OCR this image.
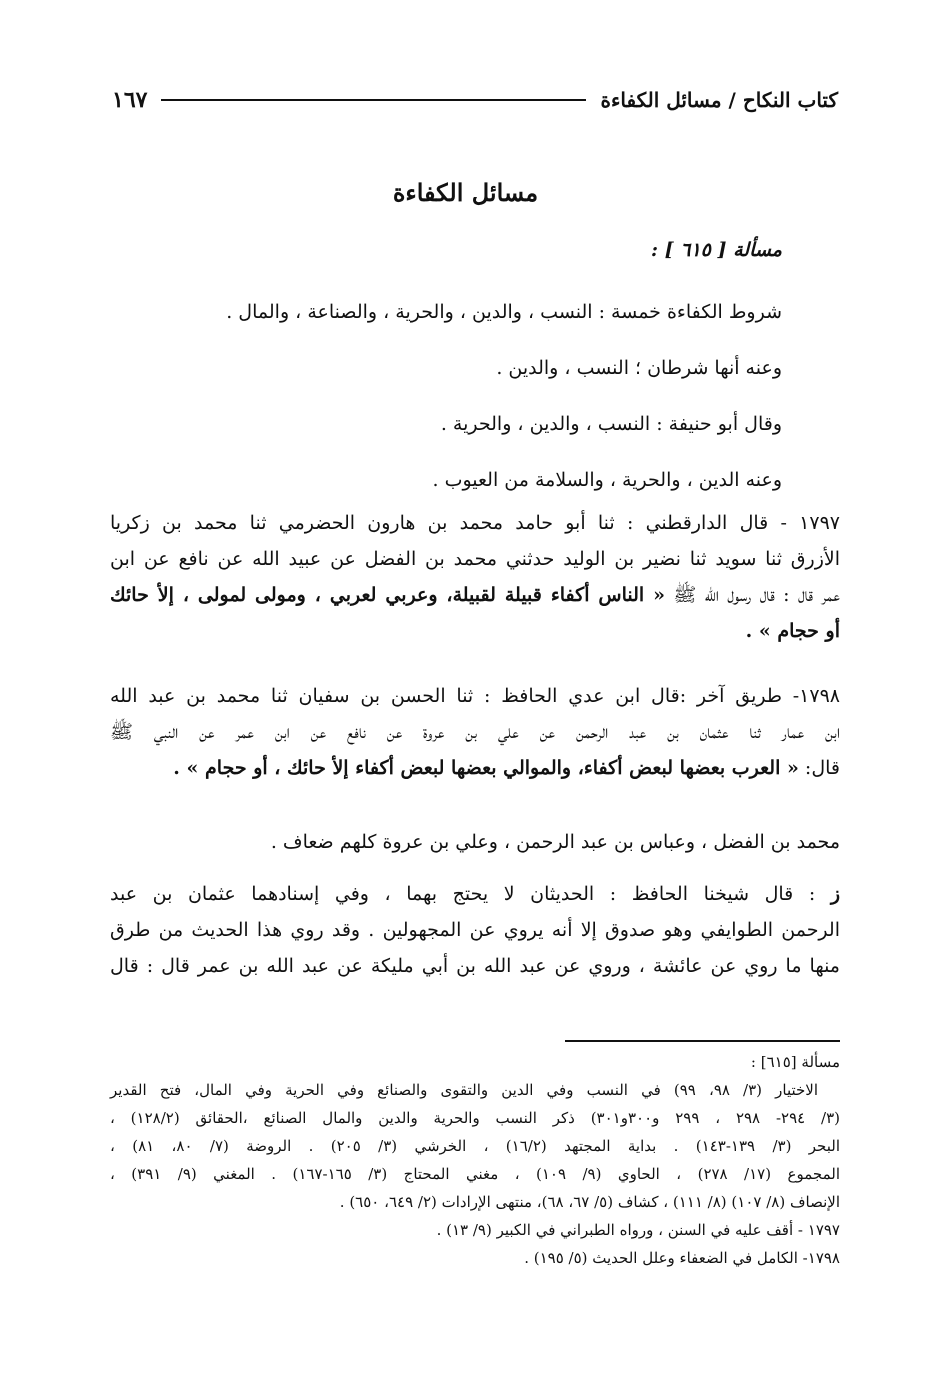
كتاب النكاح / مسائل الكفاءة
١٦٧
مسائل الكفاءة
مسألة [ ٦١٥ ] :
شروط الكفاءة خمسة : النسب ، والدين ، والحرية ، والصناعة ، والمال .
وعنه أنها شرطان ؛ النسب ، والدين .
وقال أبو حنيفة : النسب ، والدين ، والحرية .
وعنه الدين ، والحرية ، والسلامة من العيوب .
١٧٩٧ - قال الدارقطني : ثنا أبو حامد محمد بن هارون الحضرمي ثنا محمد بن زكريا
الأزرق ثنا سويد ثنا نضير بن الوليد حدثني محمد بن الفضل عن عبيد الله عن نافع عن ابن
عمر قال : قال رسول الله ﷺ « الناس أكفاء قبيلة لقبيلة، وعربي لعربي ، ومولى لمولى ، إلأ حائك
أو حجام » .
١٧٩٨- طريق آخر :قال ابن عدي الحافظ : ثنا الحسن بن سفيان ثنا محمد بن عبد الله
ابن عمار ثنا عثمان بن عبد الرحمن عن علي بن عروة عن نافع عن ابن عمر عن النبي ﷺ
قال: « العرب بعضها لبعض أكفاء، والموالي بعضها لبعض أكفاء إلأ حائك ، أو حجام » .
محمد بن الفضل ، وعباس بن عبد الرحمن ، وعلي بن عروة كلهم ضعاف .
ز : قال شيخنا الحافظ : الحديثان لا يحتج بهما ، وفي إسنادهما عثمان بن عبد
الرحمن الطوايفي وهو صدوق إلا أنه يروي عن المجهولين . وقد روي هذا الحديث من طرق
منها ما روي عن عائشة ، وروي عن عبد الله بن أبي مليكة عن عبد الله بن عمر قال : قال
مسألة [٦١٥] :
الاختيار (٣/ ٩٨، ٩٩) في النسب وفي الدين والتقوى والصنائع وفي الحرية وفي المال، فتح القدير
(٣/ ٢٩٤- ٢٩٨ ، ٢٩٩ و٣٠٠و٣٠١) ذكر النسب والحرية والدين والمال الصنائع ،الحقائق (١٢٨/٢) ،
البحر (٣/ ١٣٩-١٤٣) . بداية المجتهد (١٦/٢) ، الخرشي (٣/ ٢٠٥) . الروضة (٧/ ٨٠، ٨١) ،
المجموع (١٧/ ٢٧٨) ، الحاوي (٩/ ١٠٩) ، مغني المحتاج (٣/ ١٦٥-١٦٧) . المغني (٩/ ٣٩١) ،
الإنصاف (٨/ ١٠٧) (٨/ ١١١) ، كشاف (٥/ ٦٧، ٦٨)، منتهى الإرادات (٢/ ٦٤٩، ٦٥٠) .
١٧٩٧ - أقف عليه في السنن ، ورواه الطبراني في الكبير (٩/ ١٣) .
١٧٩٨- الكامل في الضعفاء وعلل الحديث (٥/ ١٩٥) .
